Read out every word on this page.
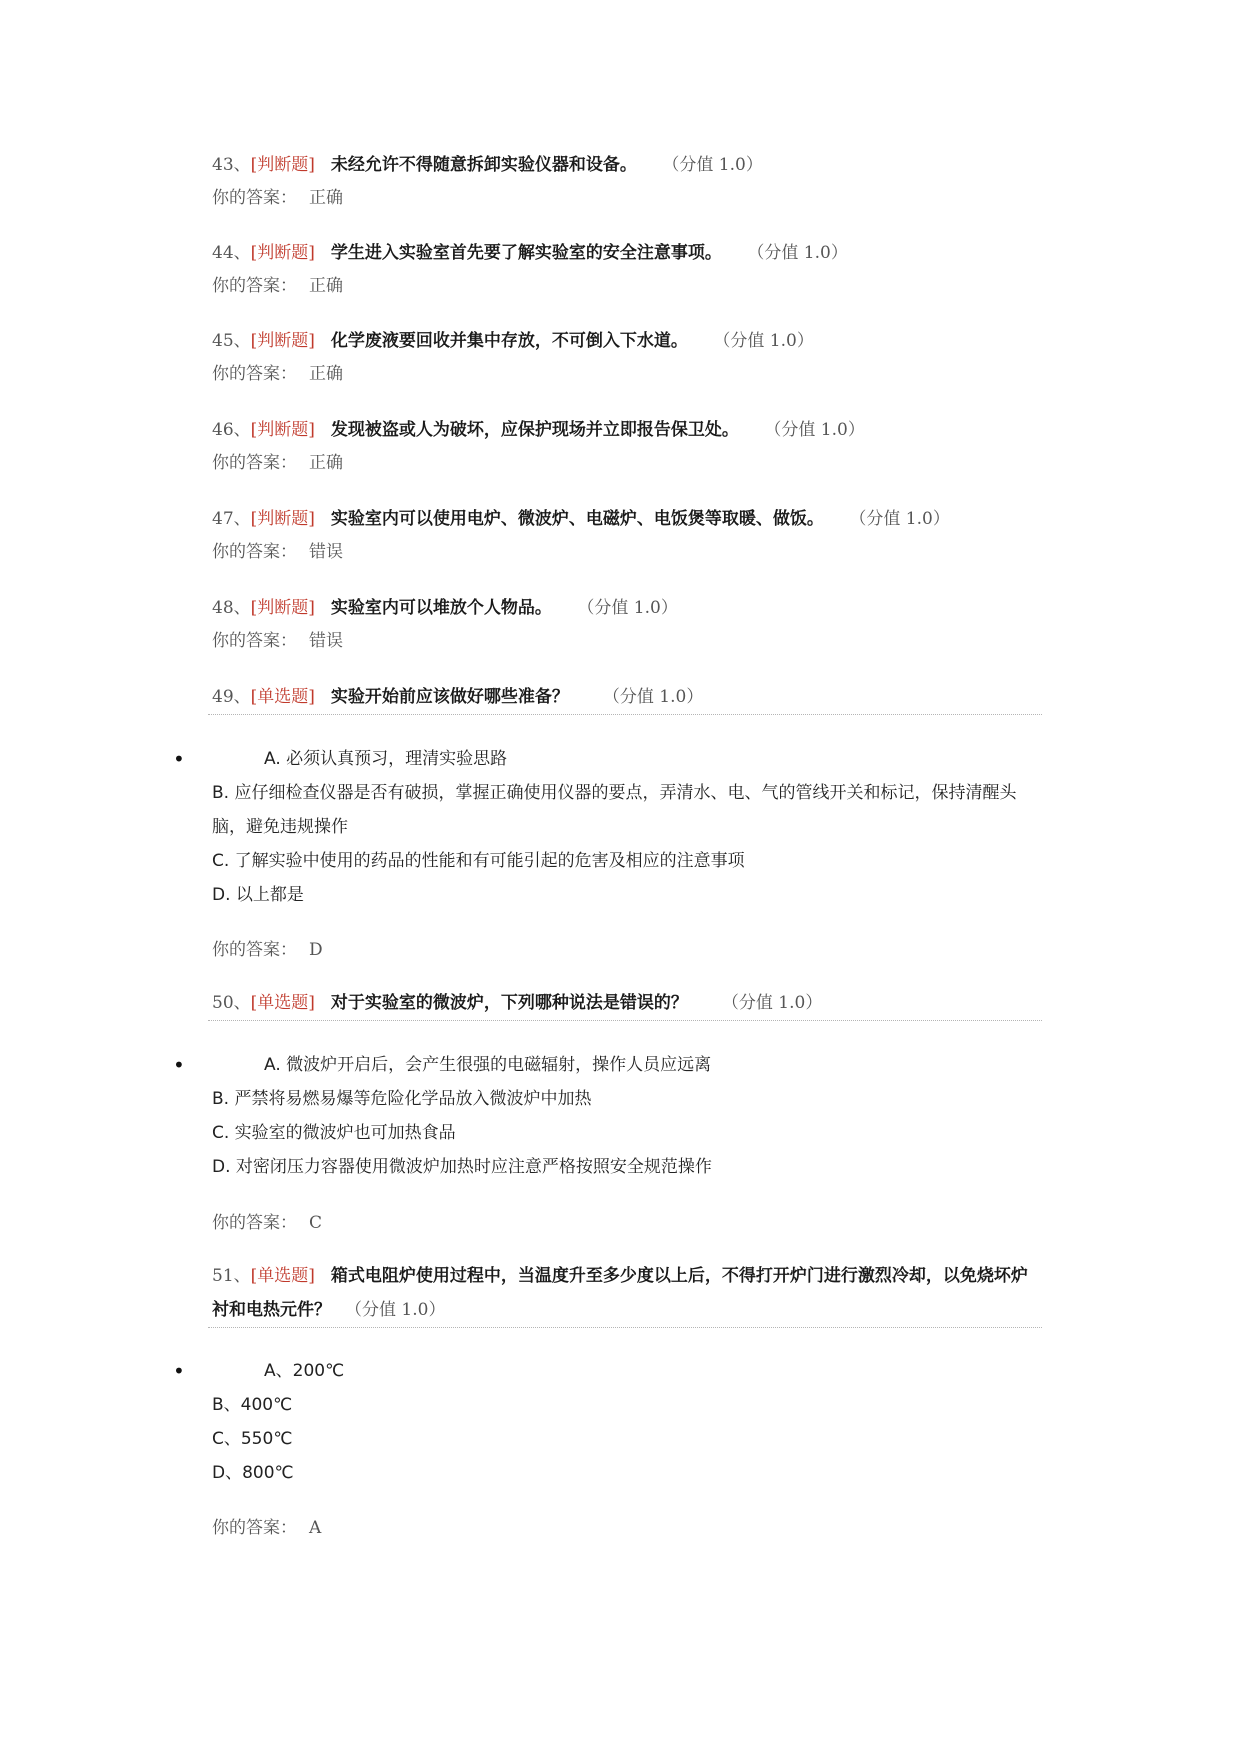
43、[判断题] 未经允许不得随意拆卸实验仪器和设备。 （分值 1.0）
你的答案： 正确
44、[判断题] 学生进入实验室首先要了解实验室的安全注意事项。 （分值 1.0）
你的答案： 正确
45、[判断题] 化学废液要回收并集中存放，不可倒入下水道。 （分值 1.0）
你的答案： 正确
46、[判断题] 发现被盗或人为破坏，应保护现场并立即报告保卫处。 （分值 1.0）
你的答案： 正确
47、[判断题] 实验室内可以使用电炉、微波炉、电磁炉、电饭煲等取暖、做饭。 （分值 1.0）
你的答案： 错误
48、[判断题] 实验室内可以堆放个人物品。 （分值 1.0）
你的答案： 错误
49、[单选题] 实验开始前应该做好哪些准备？ （分值 1.0）
•	A. 必须认真预习，理清实验思路
B. 应仔细检查仪器是否有破损，掌握正确使用仪器的要点，弄清水、电、气的管线开关和标记，保持清醒头脑，避免违规操作
C. 了解实验中使用的药品的性能和有可能引起的危害及相应的注意事项
D. 以上都是
你的答案： D
50、[单选题] 对于实验室的微波炉，下列哪种说法是错误的？ （分值 1.0）
•	A. 微波炉开启后，会产生很强的电磁辐射，操作人员应远离
B. 严禁将易燃易爆等危险化学品放入微波炉中加热
C. 实验室的微波炉也可加热食品
D. 对密闭压力容器使用微波炉加热时应注意严格按照安全规范操作
你的答案： C
51、[单选题] 箱式电阻炉使用过程中，当温度升至多少度以上后，不得打开炉门进行激烈冷却，以免烧坏炉衬和电热元件？ （分值 1.0）
•	A、200℃
B、400℃
C、550℃
D、800℃
你的答案： A
